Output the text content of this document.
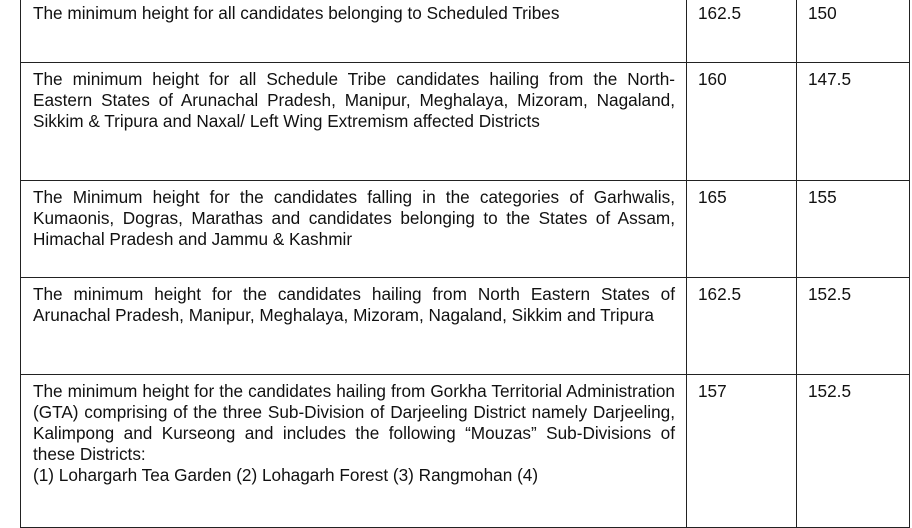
The minimum height for all candidates belonging to Scheduled Tribes	162.5	150
The minimum height for all Schedule Tribe candidates hailing from the North-Eastern States of Arunachal Pradesh, Manipur, Meghalaya, Mizoram, Nagaland, Sikkim & Tripura and Naxal/ Left Wing Extremism affected Districts	160	147.5
The Minimum height for the candidates falling in the categories of Garhwalis, Kumaonis, Dogras, Marathas and candidates belonging to the States of Assam, Himachal Pradesh and Jammu & Kashmir	165	155
The minimum height for the candidates hailing from North Eastern States of Arunachal Pradesh, Manipur, Meghalaya, Mizoram, Nagaland, Sikkim and Tripura	162.5	152.5

The minimum height for the candidates hailing from Gorkha Territorial Administration (GTA) comprising of the three Sub-Division of Darjeeling District namely Darjeeling, Kalimpong and Kurseong and includes the following “Mouzas” Sub-Divisions of these Districts:
(1) Lohargarh Tea Garden (2) Lohagarh Forest (3) Rangmohan (4)	157	152.5
